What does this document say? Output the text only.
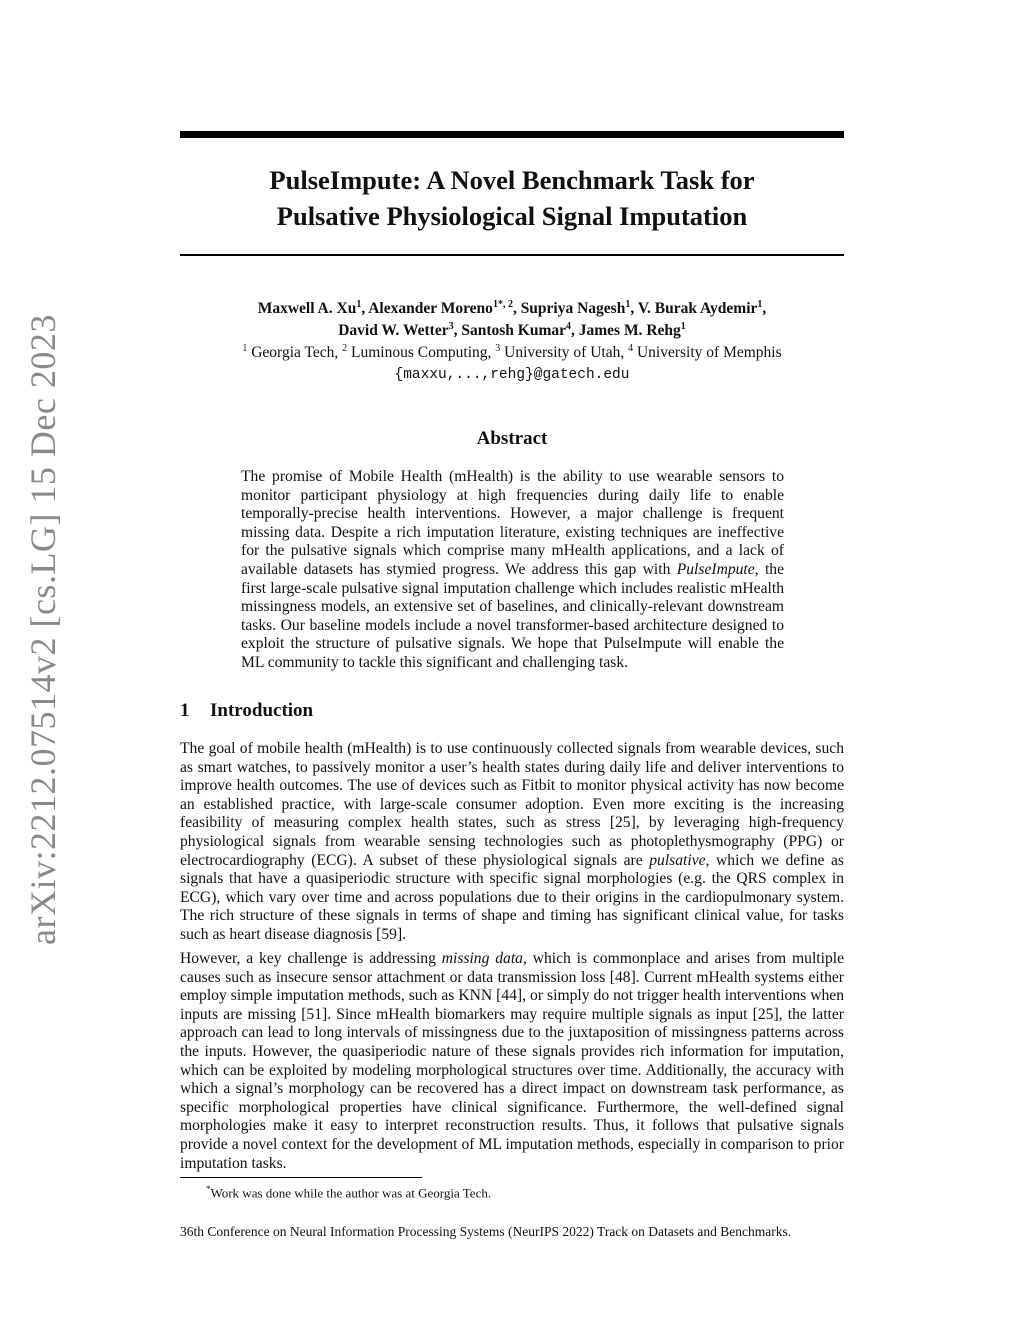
arXiv:2212.07514v2 [cs.LG] 15 Dec 2023
PulseImpute: A Novel Benchmark Task for
Pulsative Physiological Signal Imputation
Maxwell A. Xu$^1$, Alexander Moreno$^{1*, 2}$, Supriya Nagesh$^1$, V. Burak Aydemir$^1$,
David W. Wetter$^3$, Santosh Kumar$^4$, James M. Rehg$^1$
$^1$ Georgia Tech, $^2$ Luminous Computing, $^3$ University of Utah, $^4$ University of Memphis
{maxxu,...,rehg}@gatech.edu
Abstract

The promise of Mobile Health (mHealth) is the ability to use wearable sensors to monitor participant physiology at high frequencies during daily life to enable temporally-precise health interventions. However, a major challenge is frequent missing data. Despite a rich imputation literature, existing techniques are ineffective for the pulsative signals which comprise many mHealth applications, and a lack of available datasets has stymied progress. We address this gap with PulseImpute, the first large-scale pulsative signal imputation challenge which includes realistic mHealth missingness models, an extensive set of baselines, and clinically-relevant downstream tasks. Our baseline models include a novel transformer-based architecture designed to exploit the structure of pulsative signals. We hope that PulseImpute will enable the ML community to tackle this significant and challenging task.

1 Introduction

The goal of mobile health (mHealth) is to use continuously collected signals from wearable devices, such as smart watches, to passively monitor a user’s health states during daily life and deliver interventions to improve health outcomes. The use of devices such as Fitbit to monitor physical activity has now become an established practice, with large-scale consumer adoption. Even more exciting is the increasing feasibility of measuring complex health states, such as stress [25], by leveraging high-frequency physiological signals from wearable sensing technologies such as photoplethysmography (PPG) or electrocardiography (ECG). A subset of these physiological signals are pulsative, which we define as signals that have a quasiperiodic structure with specific signal morphologies (e.g. the QRS complex in ECG), which vary over time and across populations due to their origins in the cardiopulmonary system. The rich structure of these signals in terms of shape and timing has significant clinical value, for tasks such as heart disease diagnosis [59].

However, a key challenge is addressing missing data, which is commonplace and arises from multiple causes such as insecure sensor attachment or data transmission loss [48]. Current mHealth systems either employ simple imputation methods, such as KNN [44], or simply do not trigger health interventions when inputs are missing [51]. Since mHealth biomarkers may require multiple signals as input [25], the latter approach can lead to long intervals of missingness due to the juxtaposition of missingness patterns across the inputs. However, the quasiperiodic nature of these signals provides rich information for imputation, which can be exploited by modeling morphological structures over time. Additionally, the accuracy with which a signal’s morphology can be recovered has a direct impact on downstream task performance, as specific morphological properties have clinical significance. Furthermore, the well-defined signal morphologies make it easy to interpret reconstruction results. Thus, it follows that pulsative signals provide a novel context for the development of ML imputation methods, especially in comparison to prior imputation tasks.

*Work was done while the author was at Georgia Tech.

36th Conference on Neural Information Processing Systems (NeurIPS 2022) Track on Datasets and Benchmarks.
